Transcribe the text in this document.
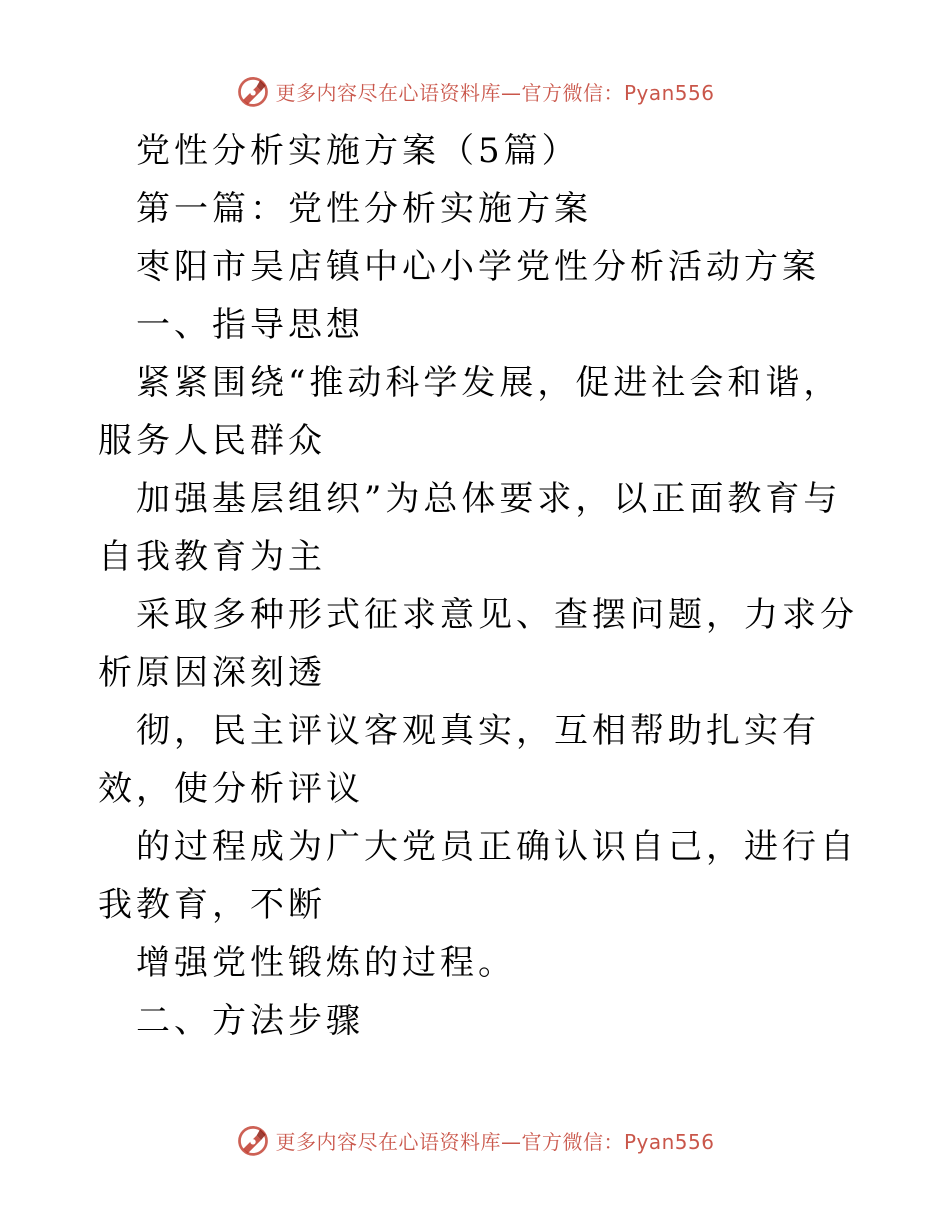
更多内容尽在心语资料库—官方微信：Pyan556

党性分析实施方案（5篇）

第一篇：党性分析实施方案

枣阳市吴店镇中心小学党性分析活动方案

一、指导思想

紧紧围绕“推动科学发展，促进社会和谐，服务人民群众

加强基层组织”为总体要求，以正面教育与自我教育为主

采取多种形式征求意见、查摆问题，力求分析原因深刻透

彻，民主评议客观真实，互相帮助扎实有效，使分析评议

的过程成为广大党员正确认识自己，进行自我教育，不断

增强党性锻炼的过程。

二、方法步骤

更多内容尽在心语资料库—官方微信：Pyan556
